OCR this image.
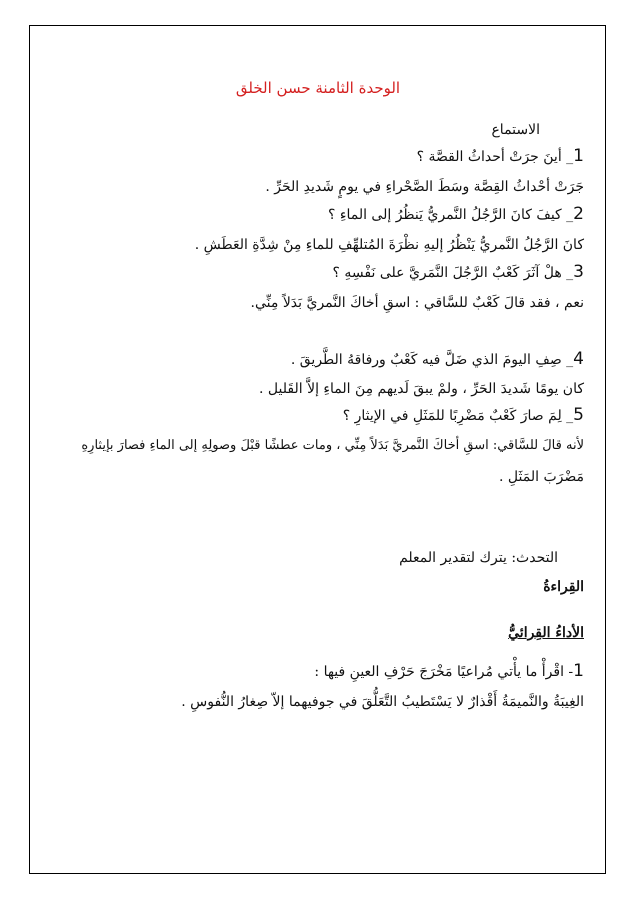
الوحدة الثامنة حسن الخلق
الاستماع
1_ أينَ جرَتْ أحداثُ القصَّة ؟
جَرَتْ أحْداثُ القِصَّة وسَطَ الصَّحْراءِ في يومٍ شَديدِ الحَرِّ .
2_ كيفَ كانَ الرَّجُلُ النَّمريُّ يَنظُرُ إلى الماءِ ؟
كانَ الرَّجُلُ النَّمريُّ يَنْظُرُ إليهِ نظْرَةَ المُتلهِّفِ للماءِ مِنْ شِدَّةِ العَطَشِ .
3_ هلْ آثَرَ كَعْبٌ الرَّجُلَ النَّمَريَّ على نَفْسِهِ ؟
نعم ، فقد قالَ كَعْبٌ للسَّاقي : اسقِ أخاكَ النَّمريَّ بَدَلاً مِنِّي.
4_ صِفِ اليومَ الذي ضَلَّ فيه كَعْبٌ ورفاقهُ الطَّريقَ .
كان يومًا شَديدَ الحَرِّ ، ولمْ يبقَ لَديهم مِنَ الماءِ إلاَّ القَليل .
5_ لِمَ صارَ كَعْبٌ مَضْرِبًا للمَثَلِ في الإيثارِ ؟
لأنه قالَ للسَّاقي: اسقِ أخاكَ النَّمريَّ بَدَلاً مِنِّي ، ومات عطشًا قبْلَ وصولِهِ إلى الماءِ فصارَ بإيثارِهِ
مَضْرَبَ المَثَلِ .
التحدث: يترك لتقدير المعلم
القِراءةُ
الأداءُ القِرائيُّ
1- اقْرأْ ما يأْتي مُراعيًا مَخْرَجَ حَرْفِ العينِ فيها :
الغِيبَةُ والنَّميمَةُ أَقْذارٌ لا يَسْتَطيبُ التَّعَلُّقَ في جوفيهما إلاّ صِغارُ النُّفوسِ .
